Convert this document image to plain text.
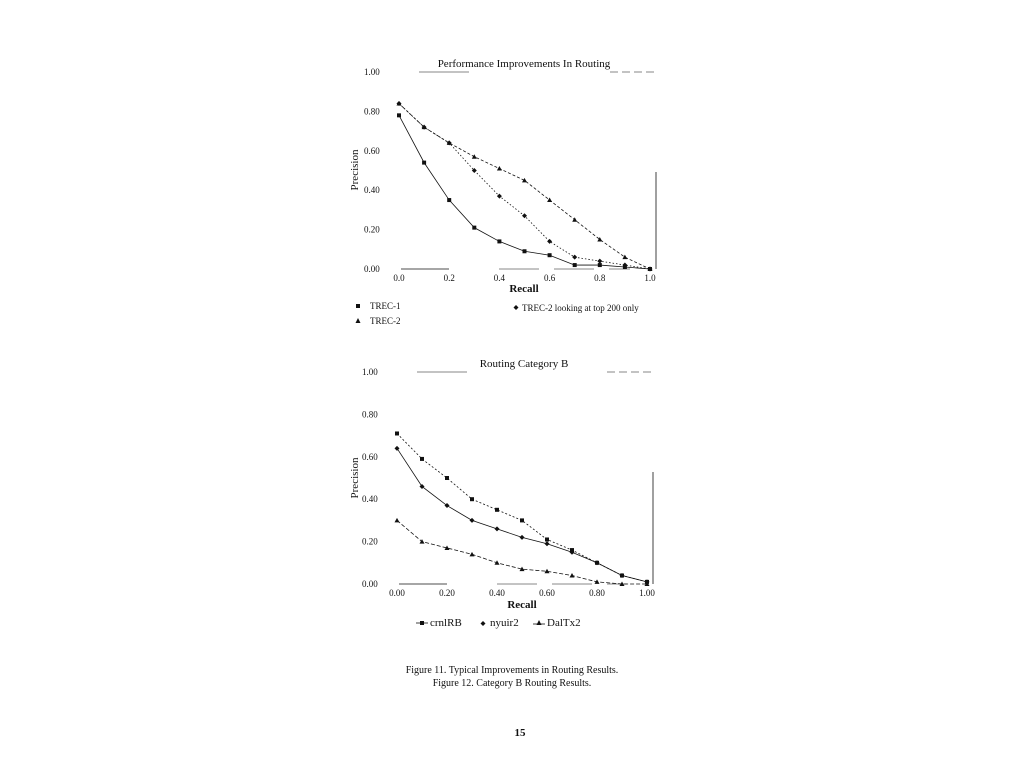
Performance Improvements In Routing
Precision
Recall
0.00
0.20
0.40
0.60
0.80
1.00
0.0	0.2	0.4	0.6	0.8	1.0
TREC-1
TREC-2
TREC-2 looking at top 200 only
Routing Category B
Precision
Recall
0.00
0.20
0.40
0.60
0.80
1.00
0.00	0.20	0.40	0.60	0.80	1.00
crnlRB	nyuir2	DalTx2
Figure 11. Typical Improvements in Routing Results.
Figure 12. Category B Routing Results.
15
